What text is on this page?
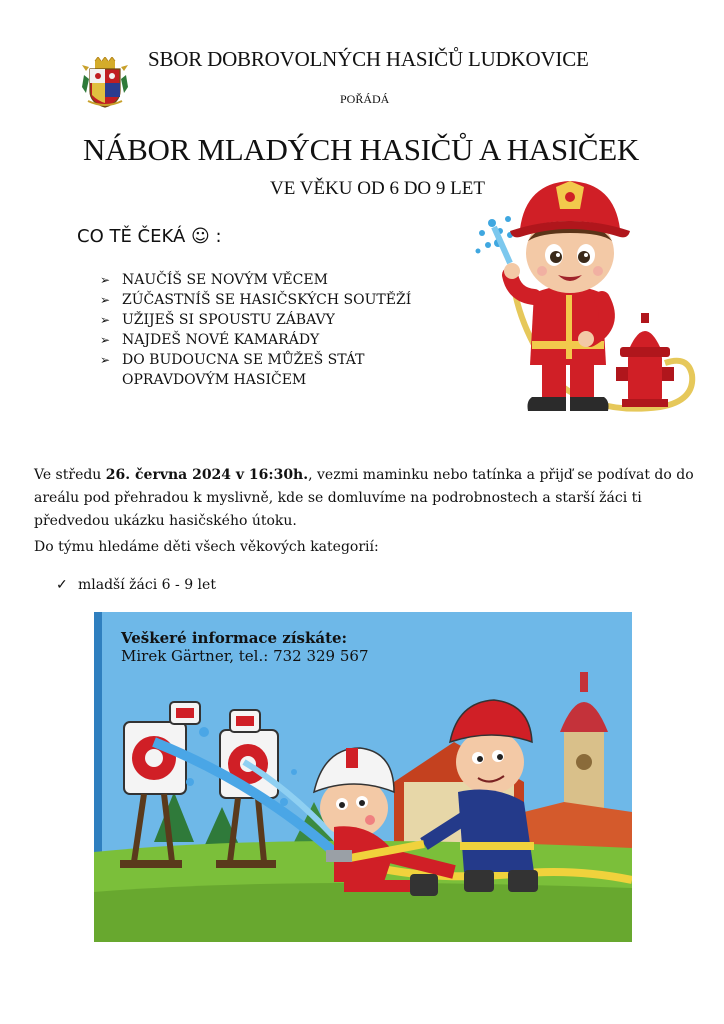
SBOR DOBROVOLNÝCH HASIČŮ LUDKOVICE
POŘÁDÁ
NÁBOR MLADÝCH HASIČŮ A HASIČEK
VE VĚKU OD 6 DO 9 LET
CO TĚ ČEKÁ ☺ :
➢ NAUČÍŠ SE NOVÝM VĚCEM
➢ ZÚČASTNÍŠ SE HASIČSKÝCH SOUTĚŽÍ
➢ UŽIJEŠ SI SPOUSTU ZÁBAVY
➢ NAJDEŠ NOVÉ KAMARÁDY
➢ DO BUDOUCNA SE MŮŽEŠ STÁT OPRAVDOVÝM HASIČEM
Ve středu 26. června 2024 v 16:30h., vezmi maminku nebo tatínka a přijď se podívat do do areálu pod přehradou k myslivně, kde se domluvíme na podrobnostech a starší žáci ti předvedou ukázku hasičského útoku.
Do týmu hledáme děti všech věkových kategorií:
✓ mladší žáci 6 - 9 let
Veškeré informace získáte:
Mirek Gärtner, tel.: 732 329 567
